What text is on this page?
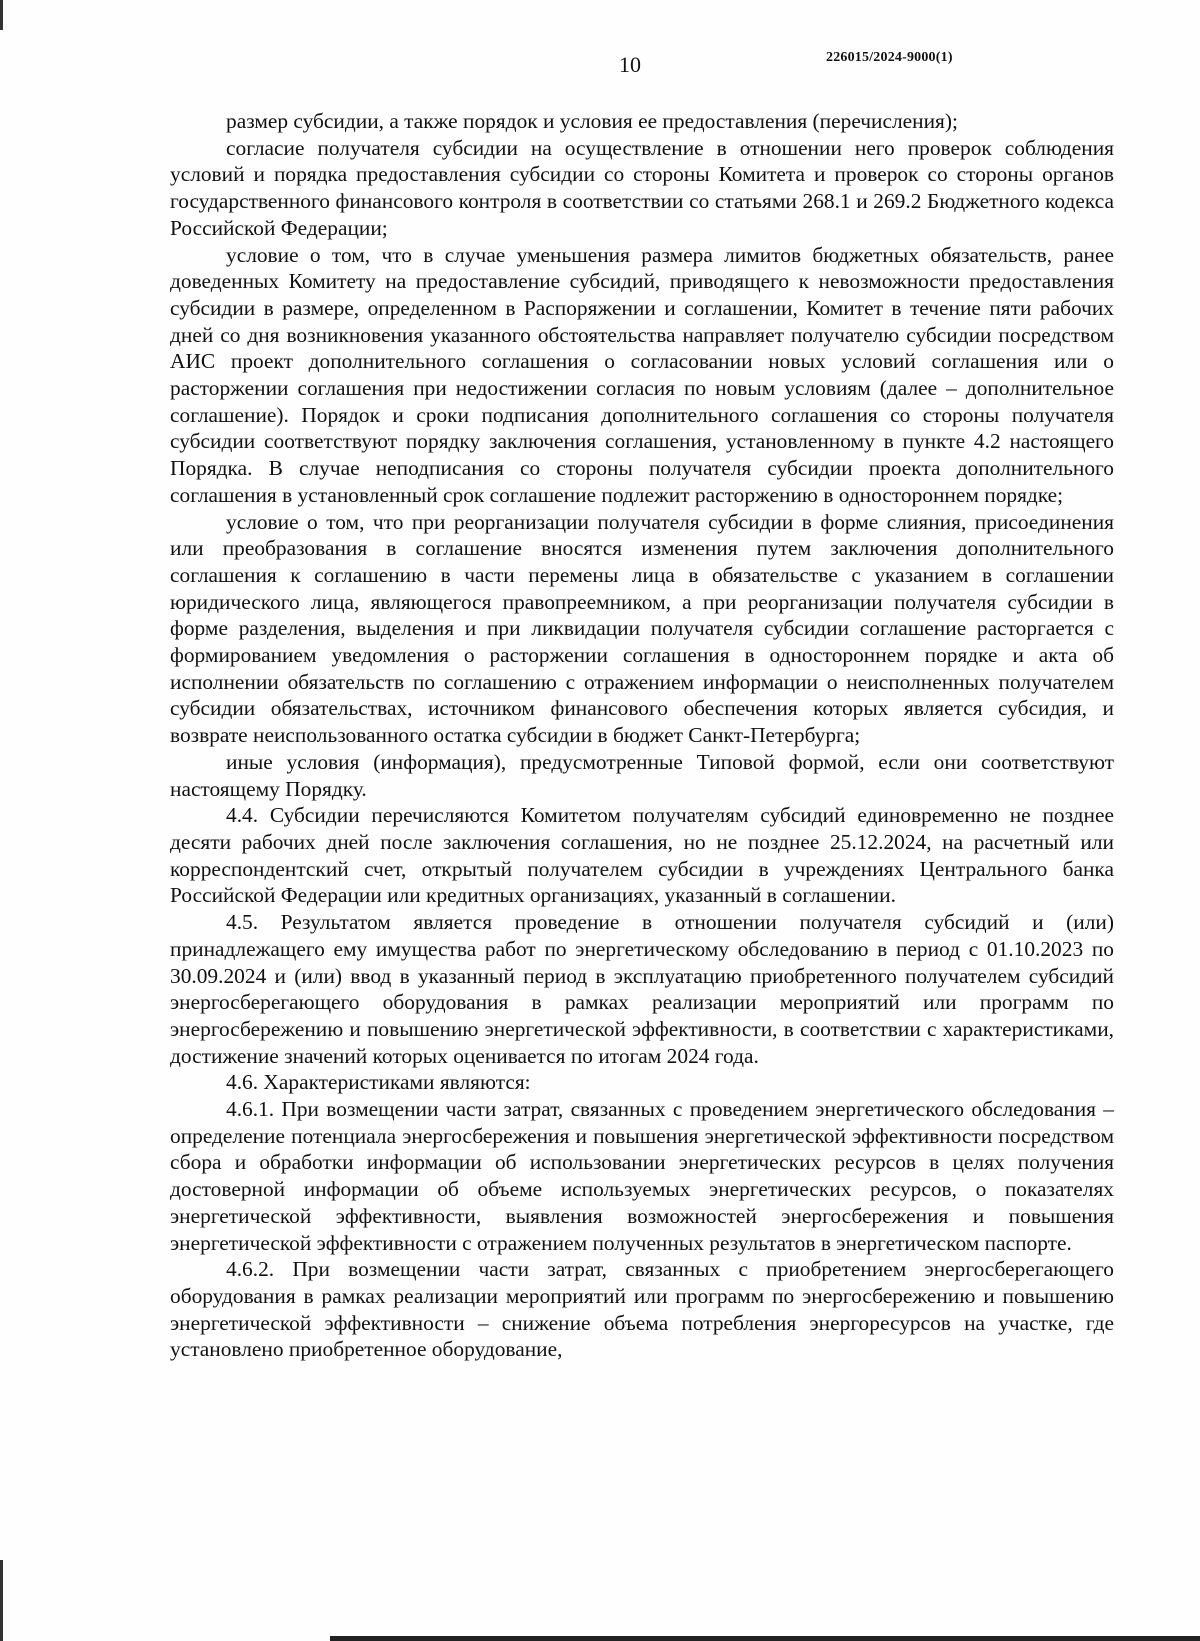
10	226015/2024-9000(1)

размер субсидии, а также порядок и условия ее предоставления (перечисления);

согласие получателя субсидии на осуществление в отношении него проверок соблюдения условий и порядка предоставления субсидии со стороны Комитета и проверок со стороны органов государственного финансового контроля в соответствии со статьями 268.1 и 269.2 Бюджетного кодекса Российской Федерации;

условие о том, что в случае уменьшения размера лимитов бюджетных обязательств, ранее доведенных Комитету на предоставление субсидий, приводящего к невозможности предоставления субсидии в размере, определенном в Распоряжении и соглашении, Комитет в течение пяти рабочих дней со дня возникновения указанного обстоятельства направляет получателю субсидии посредством АИС проект дополнительного соглашения о согласовании новых условий соглашения или о расторжении соглашения при недостижении согласия по новым условиям (далее – дополнительное соглашение). Порядок и сроки подписания дополнительного соглашения со стороны получателя субсидии соответствуют порядку заключения соглашения, установленному в пункте 4.2 настоящего Порядка. В случае неподписания со стороны получателя субсидии проекта дополнительного соглашения в установленный срок соглашение подлежит расторжению в одностороннем порядке;

условие о том, что при реорганизации получателя субсидии в форме слияния, присоединения или преобразования в соглашение вносятся изменения путем заключения дополнительного соглашения к соглашению в части перемены лица в обязательстве с указанием в соглашении юридического лица, являющегося правопреемником, а при реорганизации получателя субсидии в форме разделения, выделения и при ликвидации получателя субсидии соглашение расторгается с формированием уведомления о расторжении соглашения в одностороннем порядке и акта об исполнении обязательств по соглашению с отражением информации о неисполненных получателем субсидии обязательствах, источником финансового обеспечения которых является субсидия, и возврате неиспользованного остатка субсидии в бюджет Санкт-Петербурга;

иные условия (информация), предусмотренные Типовой формой, если они соответствуют настоящему Порядку.

4.4. Субсидии перечисляются Комитетом получателям субсидий единовременно не позднее десяти рабочих дней после заключения соглашения, но не позднее 25.12.2024, на расчетный или корреспондентский счет, открытый получателем субсидии в учреждениях Центрального банка Российской Федерации или кредитных организациях, указанный в соглашении.

4.5. Результатом является проведение в отношении получателя субсидий и (или) принадлежащего ему имущества работ по энергетическому обследованию в период с 01.10.2023 по 30.09.2024 и (или) ввод в указанный период в эксплуатацию приобретенного получателем субсидий энергосберегающего оборудования в рамках реализации мероприятий или программ по энергосбережению и повышению энергетической эффективности, в соответствии с характеристиками, достижение значений которых оценивается по итогам 2024 года.

4.6. Характеристиками являются:

4.6.1. При возмещении части затрат, связанных с проведением энергетического обследования – определение потенциала энергосбережения и повышения энергетической эффективности посредством сбора и обработки информации об использовании энергетических ресурсов в целях получения достоверной информации об объеме используемых энергетических ресурсов, о показателях энергетической эффективности, выявления возможностей энергосбережения и повышения энергетической эффективности с отражением полученных результатов в энергетическом паспорте.

4.6.2. При возмещении части затрат, связанных с приобретением энергосберегающего оборудования в рамках реализации мероприятий или программ по энергосбережению и повышению энергетической эффективности – снижение объема потребления энергоресурсов на участке, где установлено приобретенное оборудование,
